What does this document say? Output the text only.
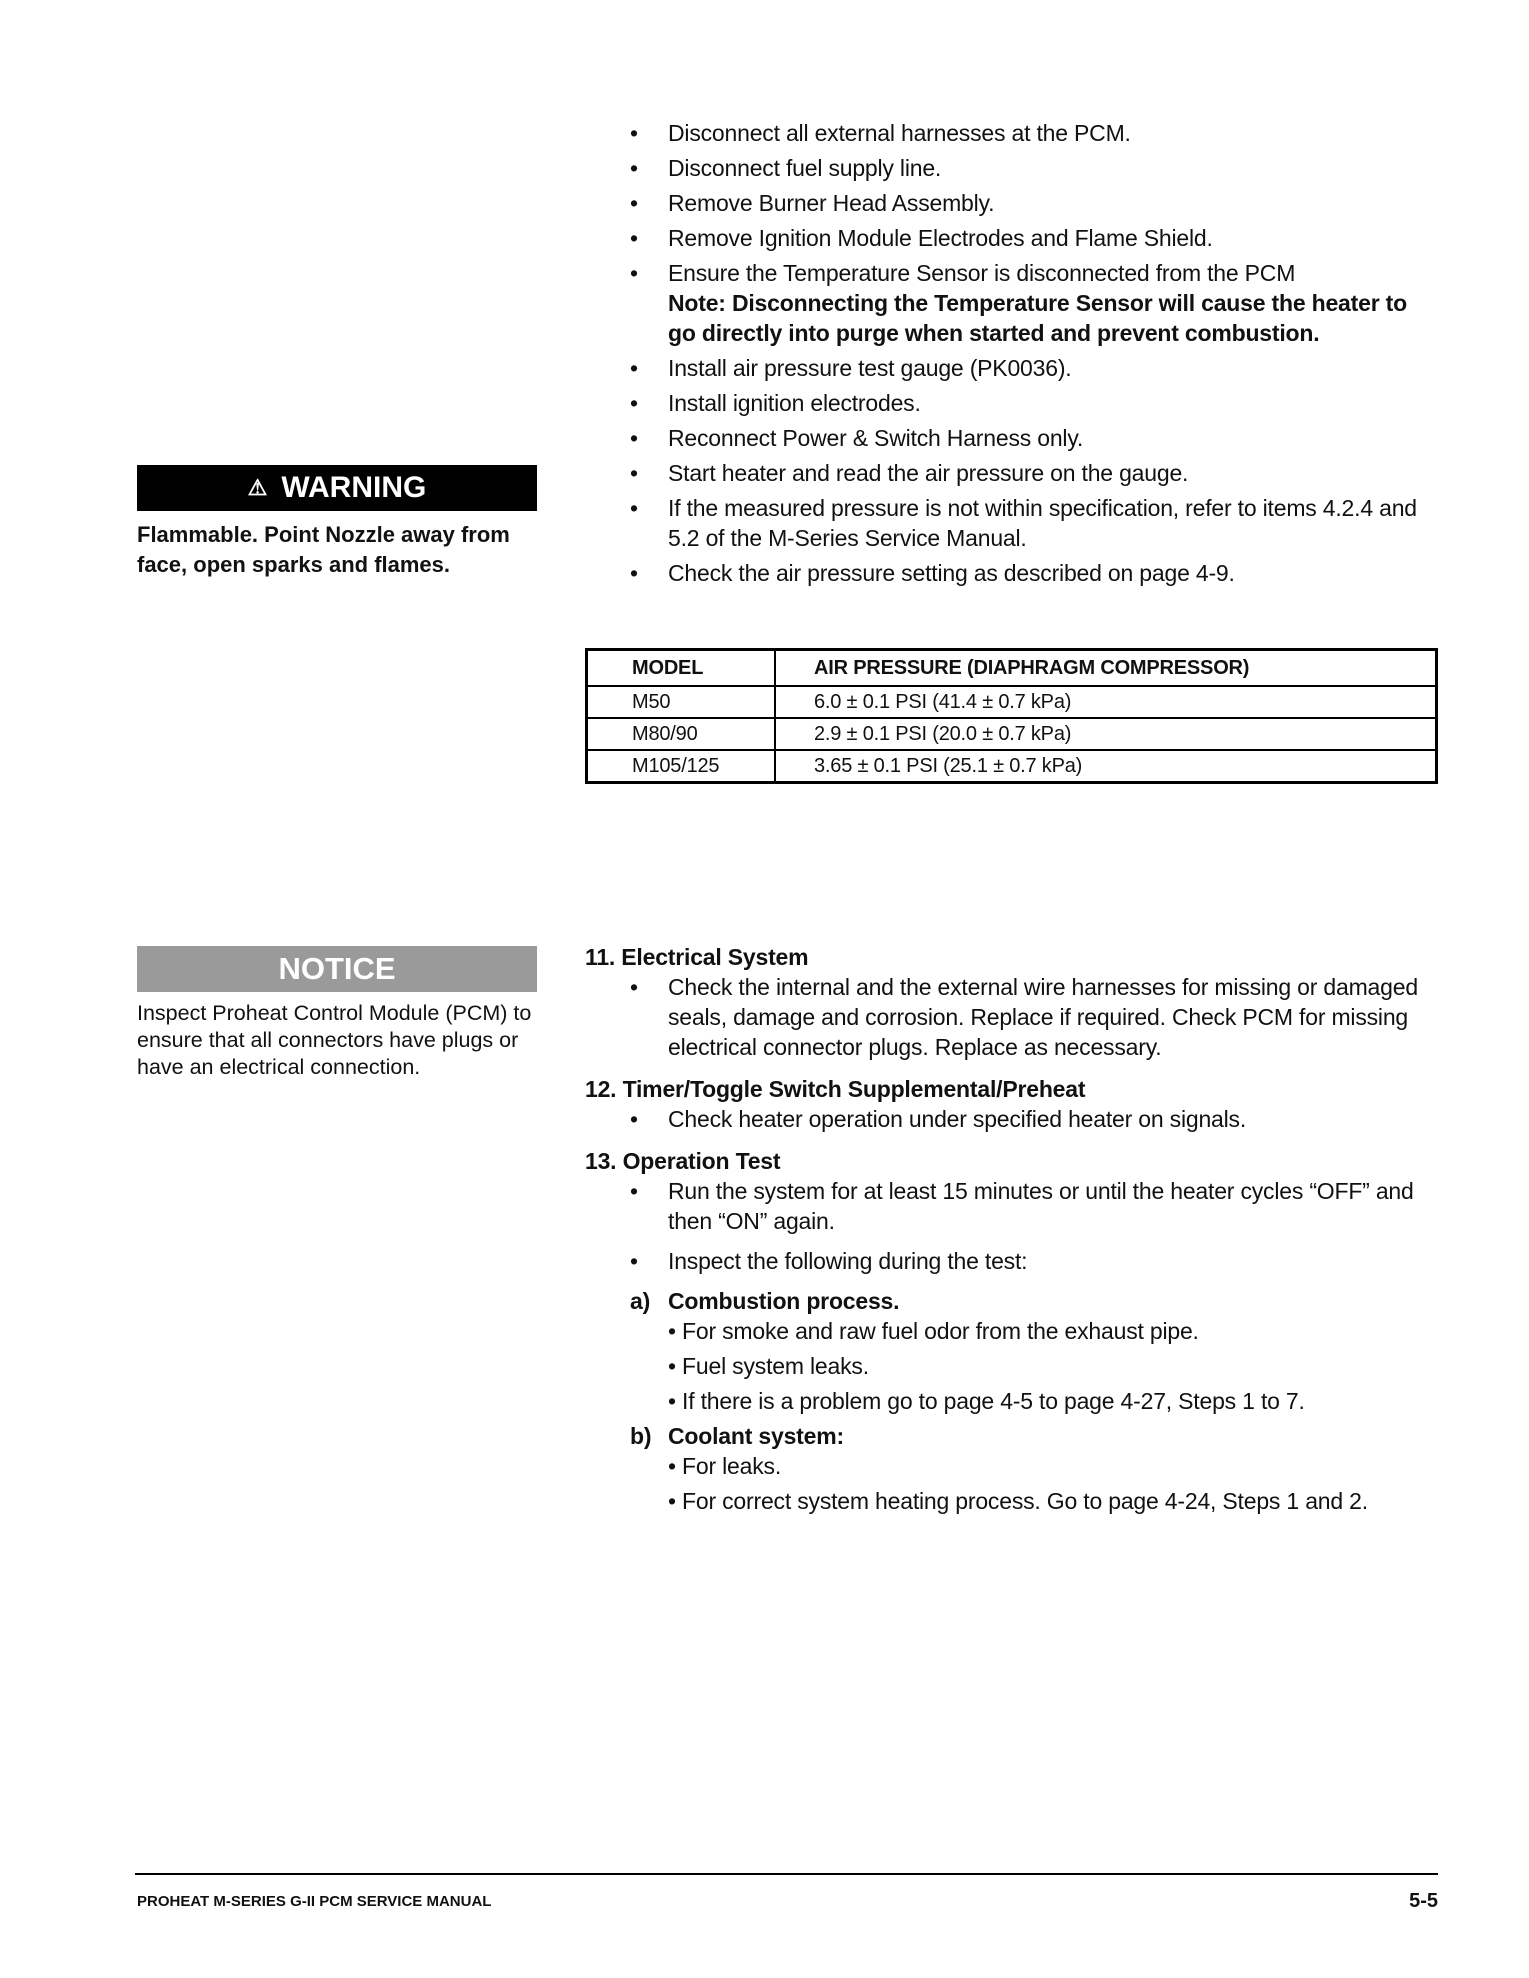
• Disconnect all external harnesses at the PCM.
• Disconnect fuel supply line.
• Remove Burner Head Assembly.
• Remove Ignition Module Electrodes and Flame Shield.
• Ensure the Temperature Sensor is disconnected from the PCM
Note: Disconnecting the Temperature Sensor will cause the heater to go directly into purge when started and prevent combustion.
• Install air pressure test gauge (PK0036).
• Install ignition electrodes.
• Reconnect Power & Switch Harness only.
• Start heater and read the air pressure on the gauge.
• If the measured pressure is not within specification, refer to items 4.2.4 and 5.2 of the M-Series Service Manual.
• Check the air pressure setting as described on page 4-9.
⚠ WARNING
Flammable. Point Nozzle away from face, open sparks and flames.
MODEL	AIR PRESSURE (DIAPHRAGM COMPRESSOR)
M50	6.0 ± 0.1 PSI (41.4 ± 0.7 kPa)
M80/90	2.9 ± 0.1 PSI (20.0 ± 0.7 kPa)
M105/125	3.65 ± 0.1 PSI (25.1 ± 0.7 kPa)
NOTICE
Inspect Proheat Control Module (PCM) to ensure that all connectors have plugs or have an electrical connection.

11. Electrical System

• Check the internal and the external wire harnesses for missing or damaged seals, damage and corrosion. Replace if required. Check PCM for missing electrical connector plugs. Replace as necessary.

12. Timer/Toggle Switch Supplemental/Preheat

• Check heater operation under specified heater on signals.

13. Operation Test

• Run the system for at least 15 minutes or until the heater cycles “OFF” and then “ON” again.
• Inspect the following during the test:
a) Combustion process.
• For smoke and raw fuel odor from the exhaust pipe.
• Fuel system leaks.
• If there is a problem go to page 4-5 to page 4-27, Steps 1 to 7.
b) Coolant system:
• For leaks.
• For correct system heating process. Go to page 4-24, Steps 1 and 2.
PROHEAT M-SERIES G-II PCM SERVICE MANUAL	5-5
